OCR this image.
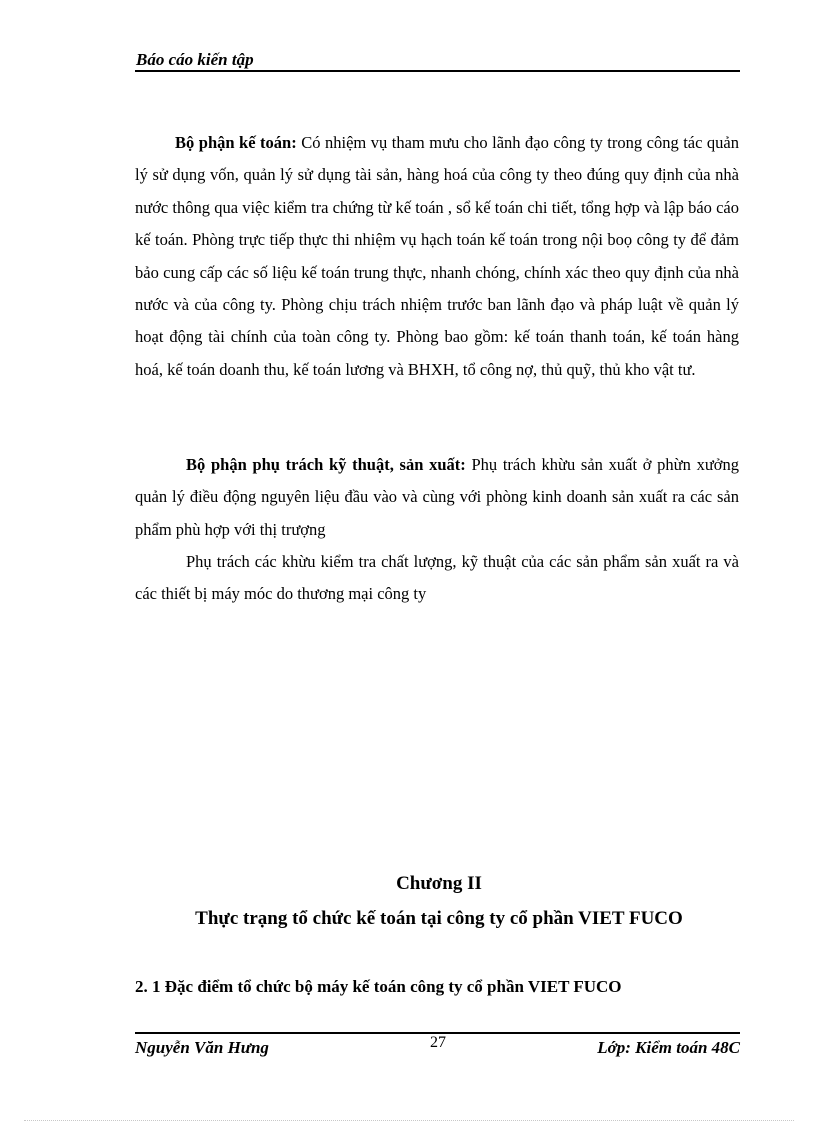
Báo cáo kiến tập

Bộ phận kế toán: Có nhiệm vụ tham mưu cho lãnh đạo công ty trong công tác quản lý sử dụng vốn, quản lý sử dụng tài sản, hàng hoá của công ty theo đúng quy định của nhà nước thông qua việc kiểm tra chứng từ kế toán , sổ kế toán chi tiết, tổng hợp và lập báo cáo kế toán. Phòng trực tiếp thực thi nhiệm vụ hạch toán kế toán trong nội boọ công ty để đảm bảo cung cấp các số liệu kế toán trung thực, nhanh chóng, chính xác theo quy định của nhà nước và của công ty. Phòng chịu trách nhiệm trước ban lãnh đạo và pháp luật về quản lý hoạt động tài chính của toàn công ty. Phòng bao gồm: kế toán thanh toán, kế toán hàng hoá, kế toán doanh thu, kế toán lương và BHXH, tổ công nợ, thủ quỹ, thủ kho vật tư.

Bộ phận phụ trách kỹ thuật, sản xuất: Phụ trách khừu sản xuất ở phừn xưởng quản lý điều động nguyên liệu đầu vào và cùng với phòng kinh doanh sản xuất ra các sản phẩm phù hợp với thị trượng

Phụ trách các khừu kiểm tra chất lượng, kỹ thuật của các sản phẩm sản xuất ra và các thiết bị máy móc do thương mại công ty

Chương II
Thực trạng tổ chức kế toán tại công ty cổ phần VIET FUCO
2. 1 Đặc điểm tổ chức bộ máy kế toán công ty cổ phần VIET FUCO
Nguyễn Văn Hưng	27	Lớp: Kiểm toán 48C
